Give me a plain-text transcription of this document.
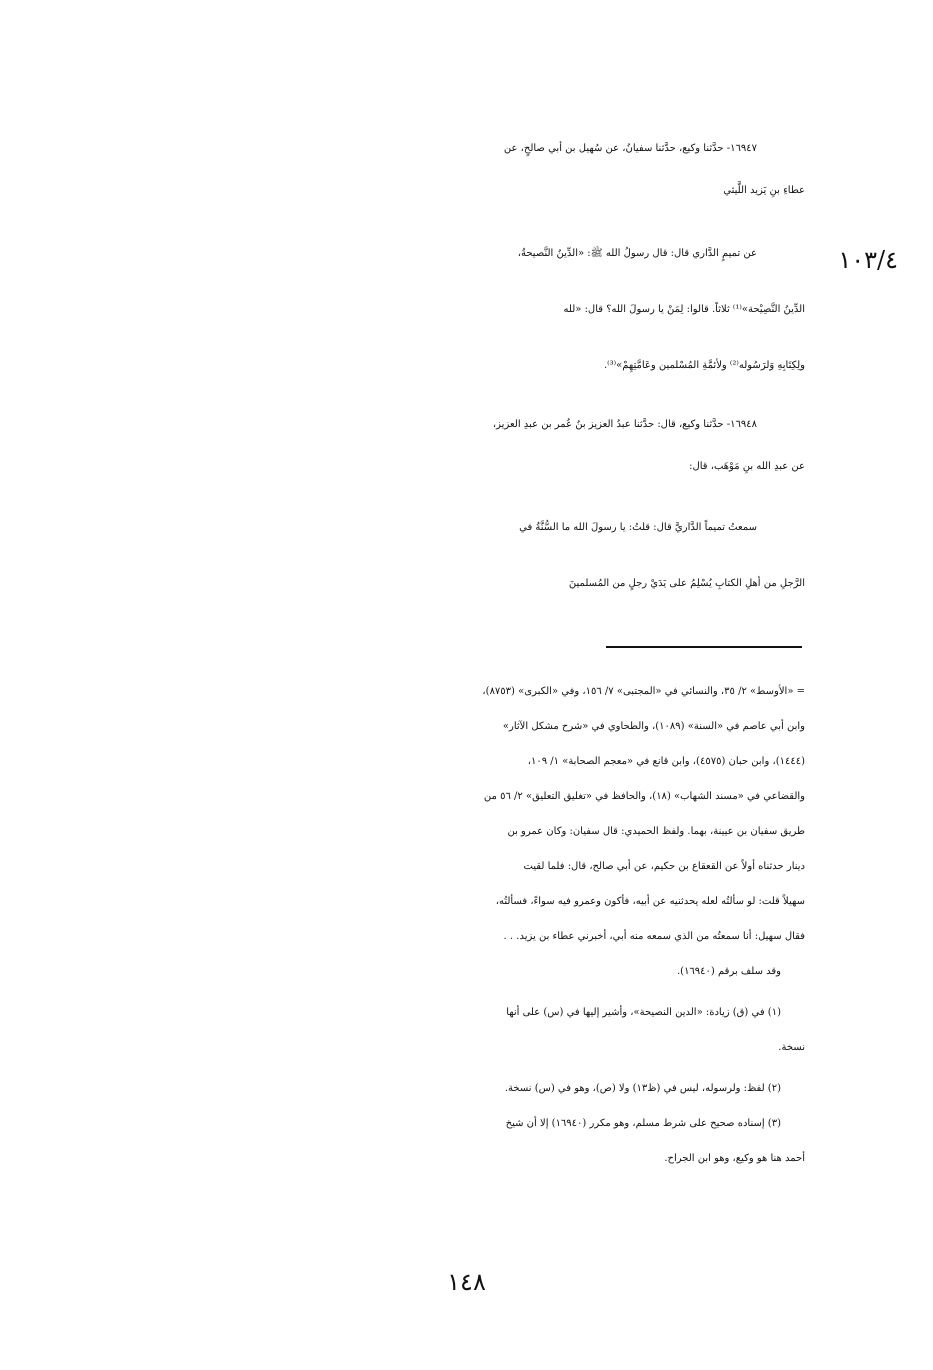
١٦٩٤٧- حدَّثنا وكيع، حدَّثنا سفيانُ، عن سُهيل بن أبي صالحٍ، عن
عطاءِ بنِ يَزيد اللَّيثي
١٠٣/٤
عن تميمٍ الدَّاري قال: قال رسولُ الله ﷺ: «الدِّينُ النَّصيحةُ،
الدِّينُ النَّصِيْحة»⁽¹⁾ ثلاثاً. قالوا: لِمَنْ يا رسولَ الله؟ قال: «لله
ولِكِتَابِهِ وَلرَسُوله⁽²⁾ ولأئمَّةِ المُسْلمين وعَامَّتِهِمْ»⁽³⁾.
١٦٩٤٨- حدَّثنا وكيع، قال: حدَّثنا عبدُ العزيز بنُ عُمر بن عبدِ العزيز،
عن عبدِ الله بنِ مَوْهَب، قال:
سمعتُ تميماً الدَّاريَّ قال: قلتُ: يا رسولَ الله ما السُّنَّةُ في
الرَّجلِ من أهلِ الكتابِ يُسْلِمُ على يَدَيْ رجلٍ من المُسلمينَ
= «الأوسط» ٢/ ٣٥، والنسائي في «المجتبى» ٧/ ١٥٦، وفي «الكبرى» (٨٧٥٣)،
وابن أبي عاصم في «السنة» (١٠٨٩)، والطحاوي في «شرح مشكل الآثار»
(١٤٤٤)، وابن حبان (٤٥٧٥)، وابن قانع في «معجم الصحابة» ١/ ١٠٩،
والقضاعي في «مسند الشهاب» (١٨)، والحافظ في «تغليق التعليق» ٢/ ٥٦ من
طريق سفيان بن عيينة، بهما. ولفظ الحميدي: قال سفيان: وكان عمرو بن
دينار حدثناه أولاً عن القعقاع بن حكيم، عن أبي صالح، قال: فلما لقيت
سهيلاً قلت: لو سألتُه لعله يحدثنيه عن أبيه، فأكون وعمرو فيه سواءً، فسألتُه،
فقال سهيل: أنا سمعتُه من الذي سمعه منه أبي، أخبرني عطاء بن يزيد. . .
وقد سلف برقم (١٦٩٤٠).
(١) في (ق) زيادة: «الدين النصيحة»، وأشير إليها في (س) على أنها
نسخة.
(٢) لفظ: ولرسوله، ليس في (ظ١٣) ولا (ص)، وهو في (س) نسخة.
(٣) إسناده صحيح على شرط مسلم، وهو مكرر (١٦٩٤٠) إلا أن شيخ
أحمد هنا هو وكيع، وهو ابن الجراح.
١٤٨
